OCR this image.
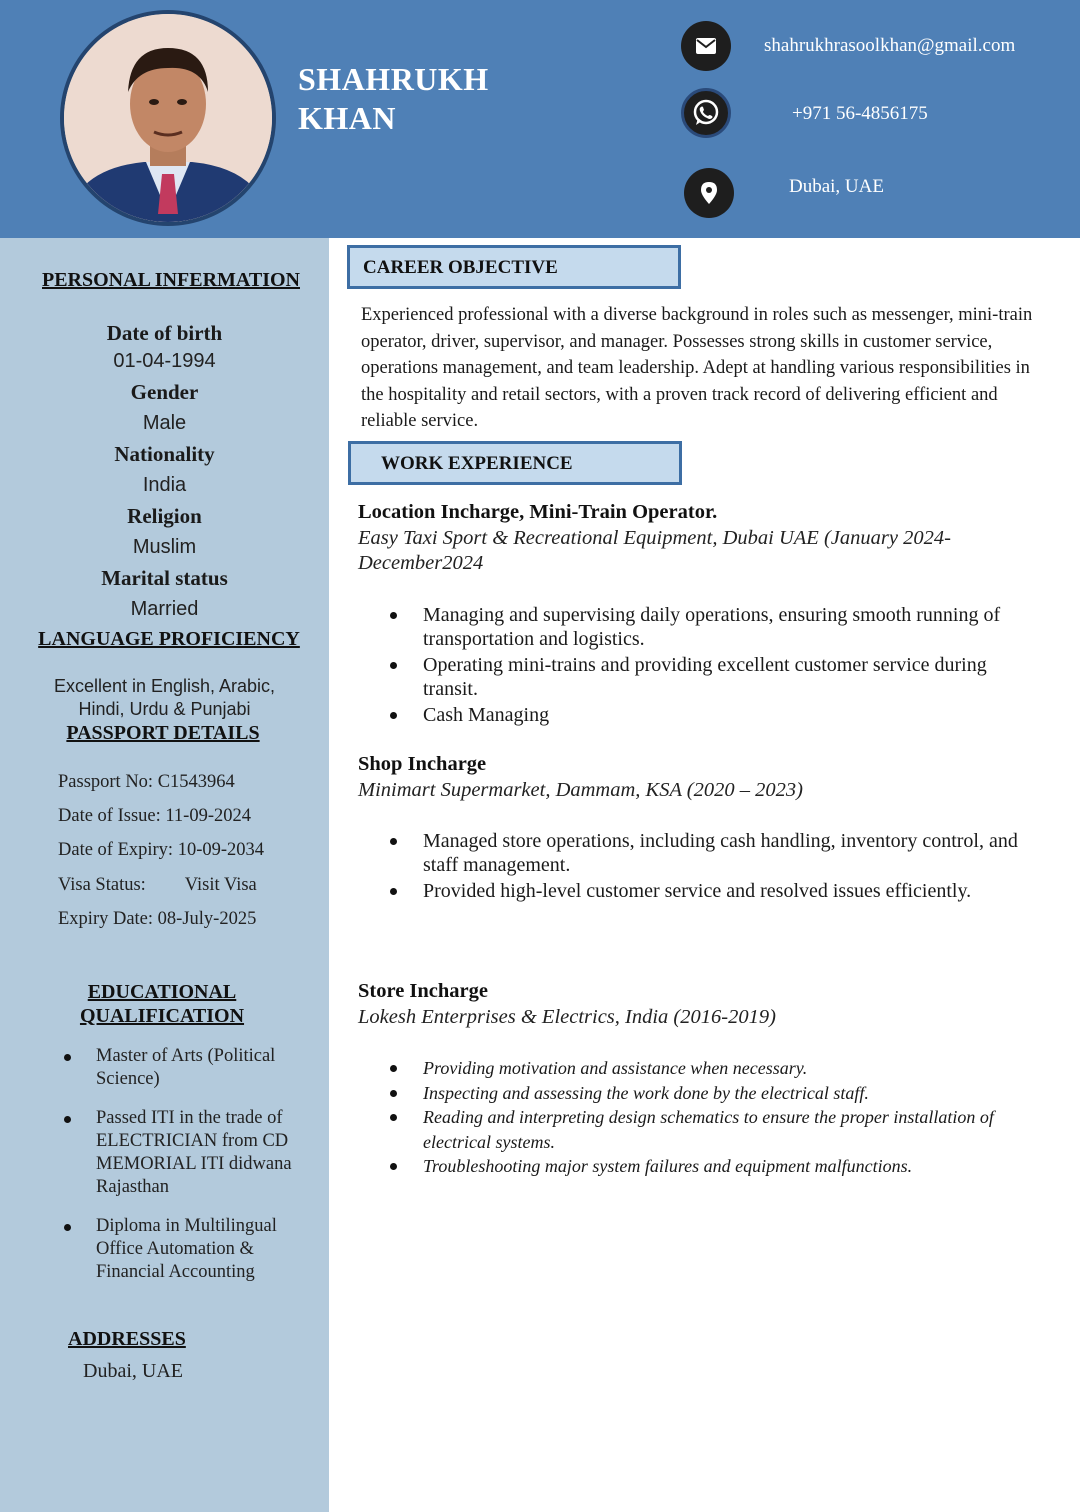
SHAHRUKH
KHAN
shahrukhrasoolkhan@gmail.com
+971 56-4856175
Dubai, UAE
PERSONAL INFERMATION
Date of birth
01-04-1994
Gender
Male
Nationality
India
Religion
Muslim
Marital status
Married
LANGUAGE PROFICIENCY
Excellent in English, Arabic,
Hindi, Urdu & Punjabi
PASSPORT DETAILS
Passport No: C1543964
Date of Issue: 11-09-2024
Date of Expiry: 10-09-2034
Visa Status: Visit Visa
Expiry Date: 08-July-2025
EDUCATIONAL
QUALIFICATION
Master of Arts (Political Science)
Passed ITI in the trade of ELECTRICIAN from CD MEMORIAL ITI didwana Rajasthan
Diploma in Multilingual Office Automation & Financial Accounting
ADDRESSES
Dubai, UAE
CAREER OBJECTIVE
Experienced professional with a diverse background in roles such as messenger, mini-train operator, driver, supervisor, and manager. Possesses strong skills in customer service, operations management, and team leadership. Adept at handling various responsibilities in the hospitality and retail sectors, with a proven track record of delivering efficient and reliable service.
WORK EXPERIENCE
Location Incharge, Mini-Train Operator.
Easy Taxi Sport & Recreational Equipment, Dubai UAE (January 2024-December2024
Managing and supervising daily operations, ensuring smooth running of transportation and logistics.
Operating mini-trains and providing excellent customer service during transit.
Cash Managing
Shop Incharge
Minimart Supermarket, Dammam, KSA (2020 – 2023)
Managed store operations, including cash handling, inventory control, and staff management.
Provided high-level customer service and resolved issues efficiently.
Store Incharge
Lokesh Enterprises & Electrics, India (2016-2019)
Providing motivation and assistance when necessary.
Inspecting and assessing the work done by the electrical staff.
Reading and interpreting design schematics to ensure the proper installation of electrical systems.
Troubleshooting major system failures and equipment malfunctions.
